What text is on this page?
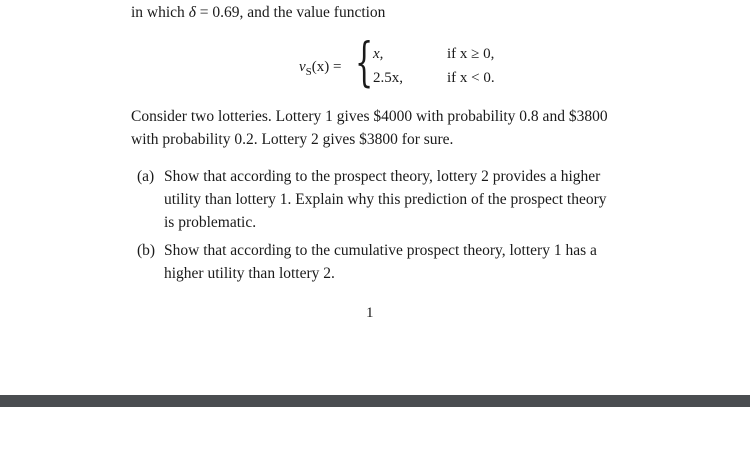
in which δ = 0.69, and the value function
$v_S(x)$ = { x,	if x ≥ 0,
2.5x,	if x < 0.
Consider two lotteries. Lottery 1 gives $4000 with probability 0.8 and $3800
with probability 0.2. Lottery 2 gives $3800 for sure.
(a) Show that according to the prospect theory, lottery 2 provides a higher
utility than lottery 1. Explain why this prediction of the prospect theory
is problematic.
(b) Show that according to the cumulative prospect theory, lottery 1 has a
higher utility than lottery 2.
1
